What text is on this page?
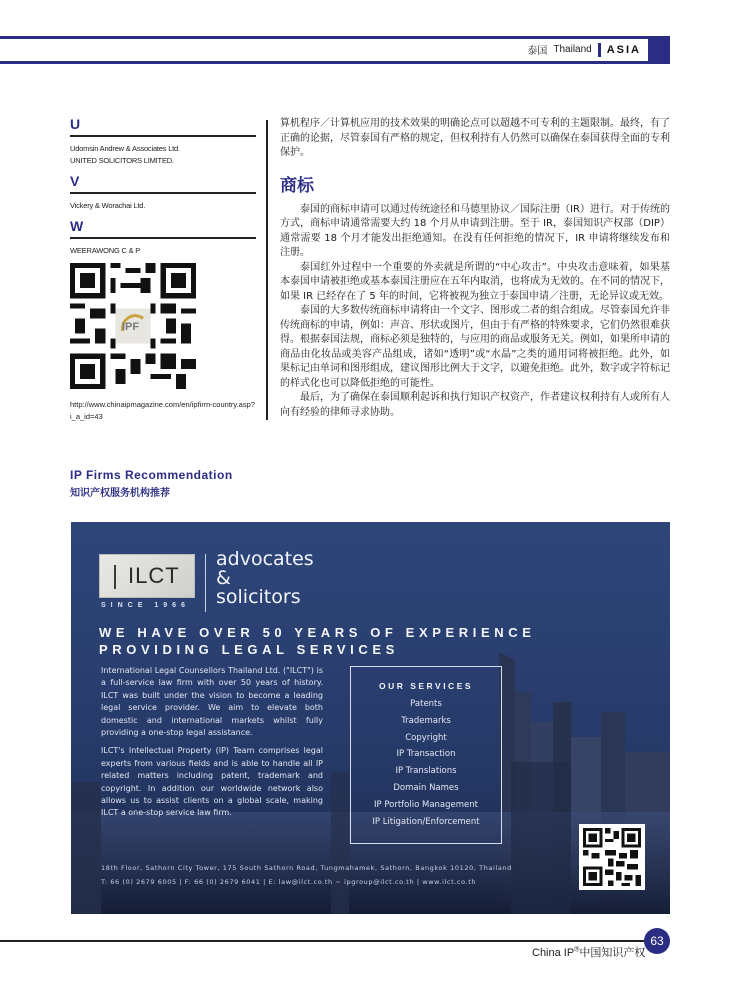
泰国 Thailand ASIA
U
Udomsin Andrew & Associates Ltd.
UNITED SOLICITORS LIMITED.
V
Vickery & Worachai Ltd.
W
WEERAWONG C & P
IPF
http://www.chinaipmagazine.com/en/ipfirm-country.asp?i_a_id=43

算机程序／计算机应用的技术效果的明确论点可以超越不可专利的主题限制。最终，有了正确的论据，尽管泰国有严格的规定，但权利持有人仍然可以确保在泰国获得全面的专利保护。

商标

泰国的商标申请可以通过传统途径和马德里协议／国际注册（IR）进行。对于传统的方式，商标申请通常需要大约 18 个月从申请到注册。至于 IR，泰国知识产权部（DIP）通常需要 18 个月才能发出拒绝通知。在没有任何拒绝的情况下，IR 申请将继续发布和注册。

泰国红外过程中一个重要的外卖就是所谓的“中心攻击”。中央攻击意味着，如果基本泰国申请被拒绝或基本泰国注册应在五年内取消，也将成为无效的。在不同的情况下，如果 IR 已经存在了 5 年的时间，它将被视为独立于泰国申请／注册，无论异议或无效。

泰国的大多数传统商标申请将由一个文字、图形或二者的组合组成。尽管泰国允许非传统商标的申请，例如：声音、形状或图片，但由于有严格的特殊要求，它们仍然很难获得。根据泰国法规，商标必须是独特的，与应用的商品或服务无关。例如，如果所申请的商品由化妆品或美容产品组成，诸如“透明”或“水晶”之类的通用词将被拒绝。此外，如果标记由单词和图形组成，建议图形比例大于文字，以避免拒绝。此外，数字或字符标记的样式化也可以降低拒绝的可能性。

最后，为了确保在泰国顺利起诉和执行知识产权资产，作者建议权利持有人或所有人向有经验的律师寻求协助。

IP Firms Recommendation
知识产权服务机构推荐
ILCT
SINCE 1966
advocates
&
solicitors
WE HAVE OVER 50 YEARS OF EXPERIENCE
PROVIDING LEGAL SERVICES

International Legal Counsellors Thailand Ltd. ("ILCT") is a full-service law firm with over 50 years of history. ILCT was built under the vision to become a leading legal service provider. We aim to elevate both domestic and international markets whilst fully providing a one-stop legal assistance.

ILCT's Intellectual Property (IP) Team comprises legal experts from various fields and is able to handle all IP related matters including patent, trademark and copyright. In addition our worldwide network also allows us to assist clients on a global scale, making ILCT a one-stop service law firm.

OUR SERVICES
Patents
Trademarks
Copyright
IP Transaction
IP Translations
Domain Names
IP Portfolio Management
IP Litigation/Enforcement
18th Floor, Sathorn City Tower, 175 South Sathorn Road, Tungmahamek, Sathorn, Bangkok 10120, Thailand
T: 66 (0) 2679 6005 | F: 66 (0) 2679 6041 | E: law@ilct.co.th ~ ipgroup@ilct.co.th | www.ilct.co.th
China IP®中国知识产权
63
